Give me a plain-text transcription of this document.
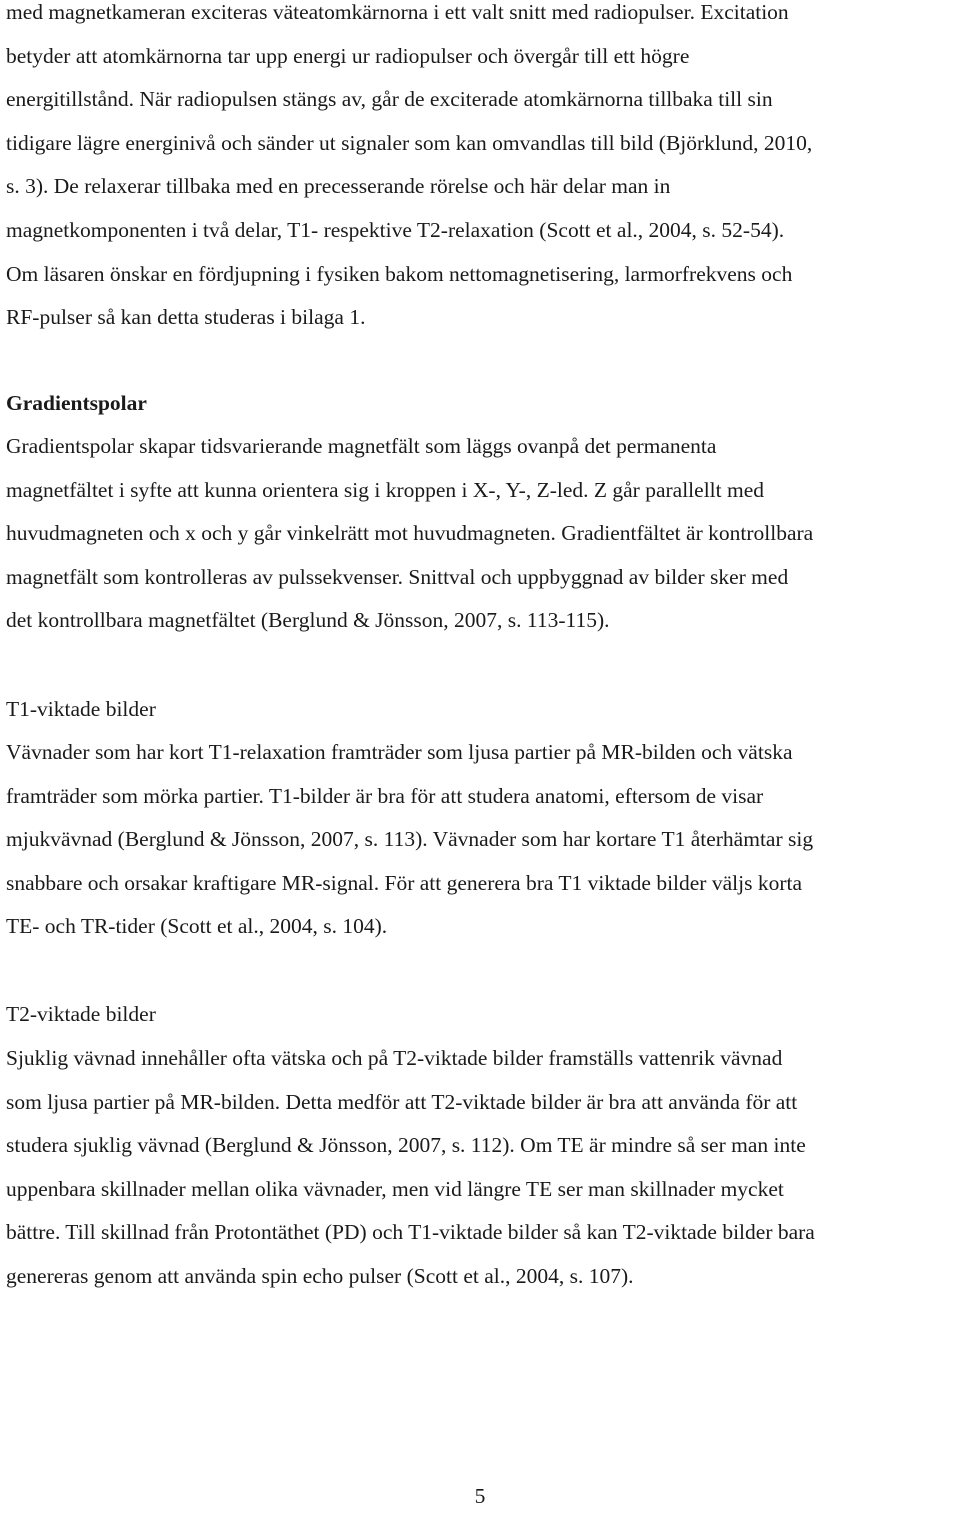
med magnetkameran exciteras väteatomkärnorna i ett valt snitt med radiopulser. Excitation
betyder att atomkärnorna tar upp energi ur radiopulser och övergår till ett högre
energitillstånd. När radiopulsen stängs av, går de exciterade atomkärnorna tillbaka till sin
tidigare lägre energinivå och sänder ut signaler som kan omvandlas till bild (Björklund, 2010,
s. 3). De relaxerar tillbaka med en precesserande rörelse och här delar man in
magnetkomponenten i två delar, T1- respektive T2-relaxation (Scott et al., 2004, s. 52-54).
Om läsaren önskar en fördjupning i fysiken bakom nettomagnetisering, larmorfrekvens och
RF-pulser så kan detta studeras i bilaga 1.

Gradientspolar

Gradientspolar skapar tidsvarierande magnetfält som läggs ovanpå det permanenta
magnetfältet i syfte att kunna orientera sig i kroppen i X-, Y-, Z-led. Z går parallellt med
huvudmagneten och x och y går vinkelrätt mot huvudmagneten. Gradientfältet är kontrollbara
magnetfält som kontrolleras av pulssekvenser. Snittval och uppbyggnad av bilder sker med
det kontrollbara magnetfältet (Berglund & Jönsson, 2007, s. 113-115).

T1-viktade bilder

Vävnader som har kort T1-relaxation framträder som ljusa partier på MR-bilden och vätska
framträder som mörka partier. T1-bilder är bra för att studera anatomi, eftersom de visar
mjukvävnad (Berglund & Jönsson, 2007, s. 113). Vävnader som har kortare T1 återhämtar sig
snabbare och orsakar kraftigare MR-signal. För att generera bra T1 viktade bilder väljs korta
TE- och TR-tider (Scott et al., 2004, s. 104).

T2-viktade bilder

Sjuklig vävnad innehåller ofta vätska och på T2-viktade bilder framställs vattenrik vävnad
som ljusa partier på MR-bilden. Detta medför att T2-viktade bilder är bra att använda för att
studera sjuklig vävnad (Berglund & Jönsson, 2007, s. 112). Om TE är mindre så ser man inte
uppenbara skillnader mellan olika vävnader, men vid längre TE ser man skillnader mycket
bättre. Till skillnad från Protontäthet (PD) och T1-viktade bilder så kan T2-viktade bilder bara
genereras genom att använda spin echo pulser (Scott et al., 2004, s. 107).

5
